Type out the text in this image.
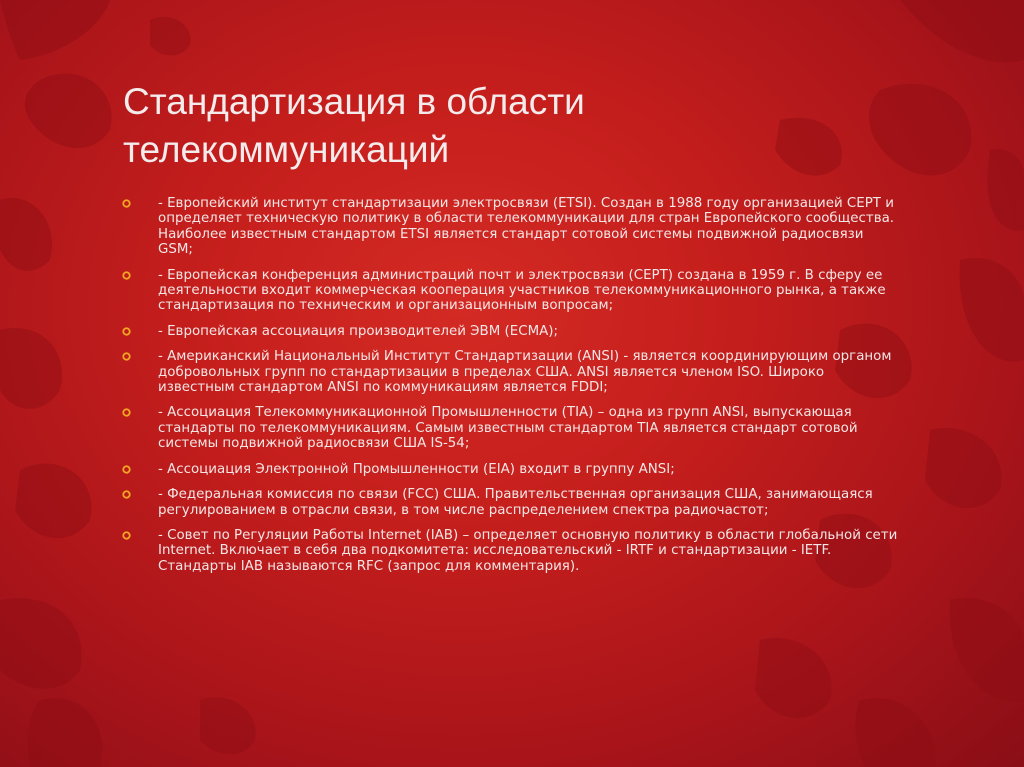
Стандартизация в области
телекоммуникаций
- Европейский институт стандартизации электросвязи (ETSI). Создан в 1988 году организацией СЕРТ и определяет техническую политику в области телекоммуникации для стран Европейского сообщества. Наиболее известным стандартом ETSI является стандарт сотовой системы подвижной радиосвязи GSM;
- Европейская конференция администраций почт и электросвязи (СЕРТ) создана в 1959 г. В сферу ее деятельности входит коммерческая кооперация участников телекоммуникационного рынка, а также стандартизация по техническим и организационным вопросам;
- Европейская ассоциация производителей ЭВМ (ЕСМА);
- Американский Национальный Институт Стандартизации (ANSI) - является координирующим органом добровольных групп по стандартизации в пределах США. ANSI является членом ISO. Широко известным стандартом ANSI по коммуникациям является FDDI;
- Ассоциация Телекоммуникационной Промышленности (TIA) – одна из групп ANSI, выпускающая стандарты по телекоммуникациям. Самым известным стандартом TIA является стандарт сотовой системы подвижной радиосвязи США IS-54;
- Ассоциация Электронной Промышленности (EIA) входит в группу ANSI;
- Федеральная комиссия по связи (FCC) США. Правительственная организация США, занимающаяся регулированием в отрасли связи, в том числе распределением спектра радиочастот;
- Совет по Регуляции Работы Internet (IAB) – определяет основную политику в области глобальной сети Internet. Включает в себя два подкомитета: исследовательский - IRTF и стандартизации - IETF. Стандарты IAB называются RFC (запрос для комментария).
